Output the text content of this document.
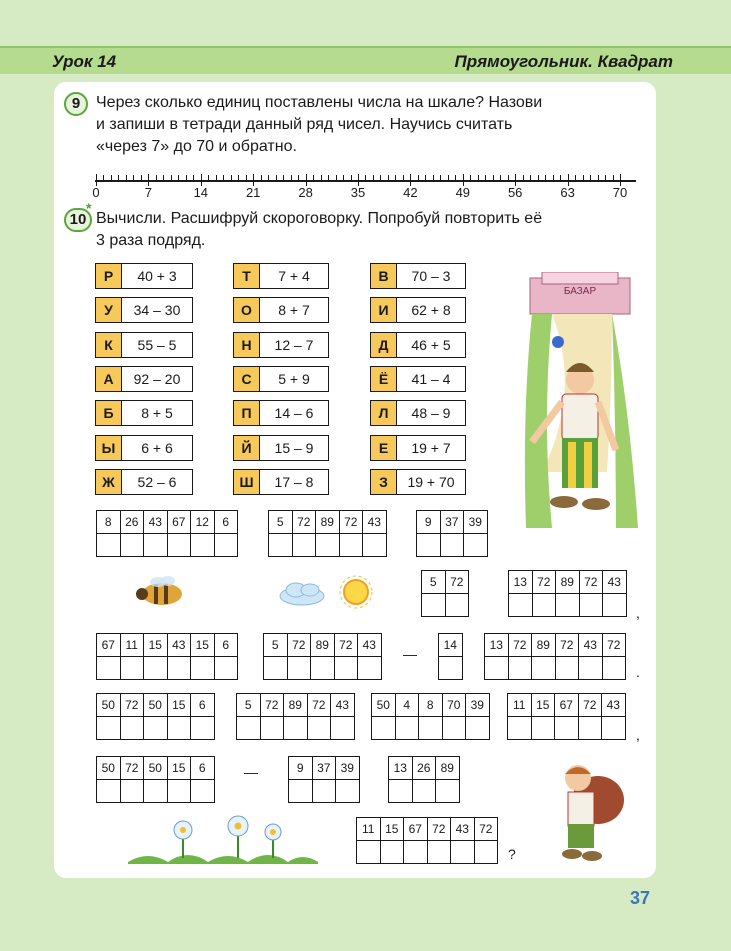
Урок 14	Прямоугольник. Квадрат
9 Через сколько единиц поставлены числа на шкале? Назови
и запиши в тетради данный ряд чисел. Научись считать
«через 7» до 70 и обратно.
0	7	14	21	28	35	42	49	56	63	70
10
*
Вычисли. Расшифруй скороговорку. Попробуй повторить её
3 раза подряд.
Р	40 + 3
У	34 – 30
К	55 – 5
А	92 – 20
Б	8 + 5
Ы	6 + 6
Ж	52 – 6
Т	7 + 4
О	8 + 7
Н	12 – 7
С	5 + 9
П	14 – 6
Й	15 – 9
Ш	17 – 8
В	70 – 3
И	62 + 8
Д	46 + 5
Ё	41 – 4
Л	48 – 9
Е	19 + 7
З	19 + 70
8	26	43	67	12	6
						5	72	89	72	43
					9	37	39

5	72
		13	72	89	72	43

67	11	15	43	15	6
						5	72	89	72	43
					14	13	72	89	72	43	72

50	72	50	15	6
					5	72	89	72	43
				50	4	8	70	39
				11	15	67	72	43

50	72	50	15	6
					9	37	39
			13	26	89

11	15	67	72	43	72

,
.
,
—
—
?
БАЗАР
37
